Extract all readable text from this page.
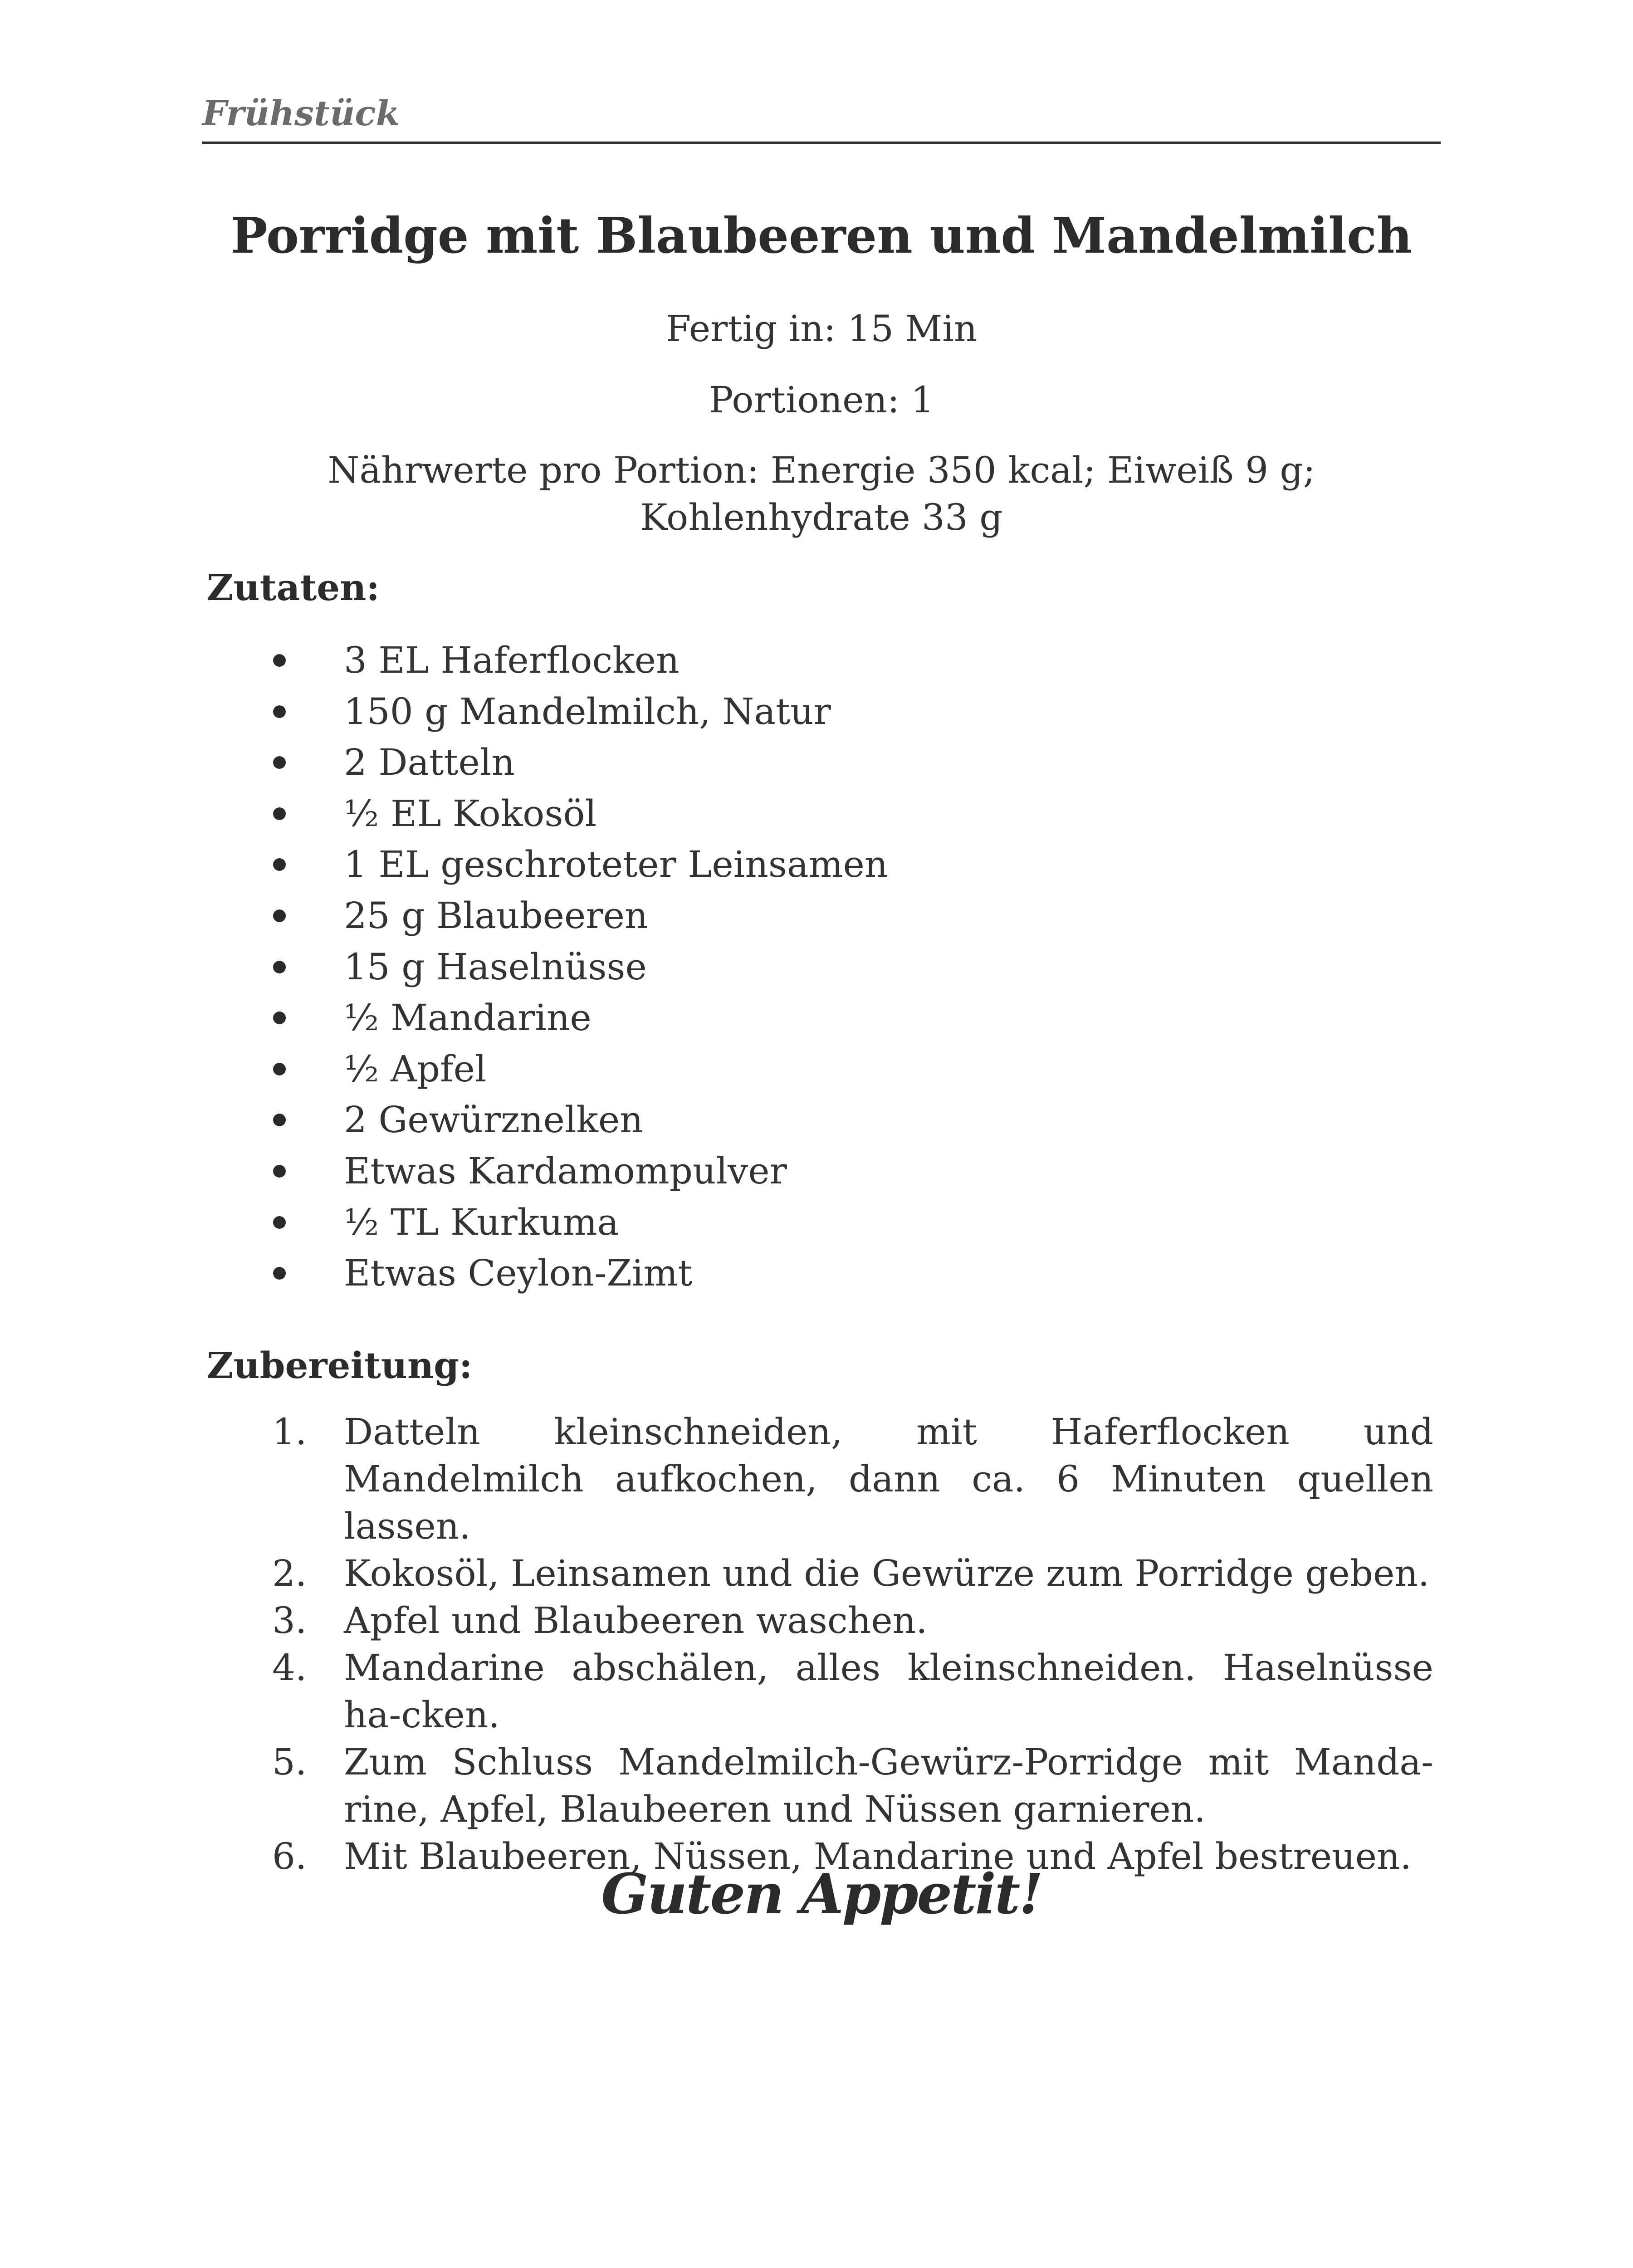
Frühstück
Porridge mit Blaubeeren und Mandelmilch
Fertig in: 15 Min
Portionen: 1
Nährwerte pro Portion: Energie 350 kcal; Eiweiß 9 g;
Kohlenhydrate 33 g
Zutaten:
3 EL Haferflocken
150 g Mandelmilch, Natur
2 Datteln
½ EL Kokosöl
1 EL geschroteter Leinsamen
25 g Blaubeeren
15 g Haselnüsse
½ Mandarine
½ Apfel
2 Gewürznelken
Etwas Kardamompulver
½ TL Kurkuma
Etwas Ceylon-Zimt
Zubereitung:
1.	Datteln kleinschneiden, mit Haferflocken und Mandelmilch aufkochen, dann ca. 6 Minuten quellen lassen.
2.	Kokosöl, Leinsamen und die Gewürze zum Porridge geben.
3.	Apfel und Blaubeeren waschen.
4.	Mandarine abschälen, alles kleinschneiden. Haselnüsse ha-cken.
5.	Zum Schluss Mandelmilch-Gewürz-Porridge mit Manda-rine, Apfel, Blaubeeren und Nüssen garnieren.
6.	Mit Blaubeeren, Nüssen, Mandarine und Apfel bestreuen.
Guten Appetit!
